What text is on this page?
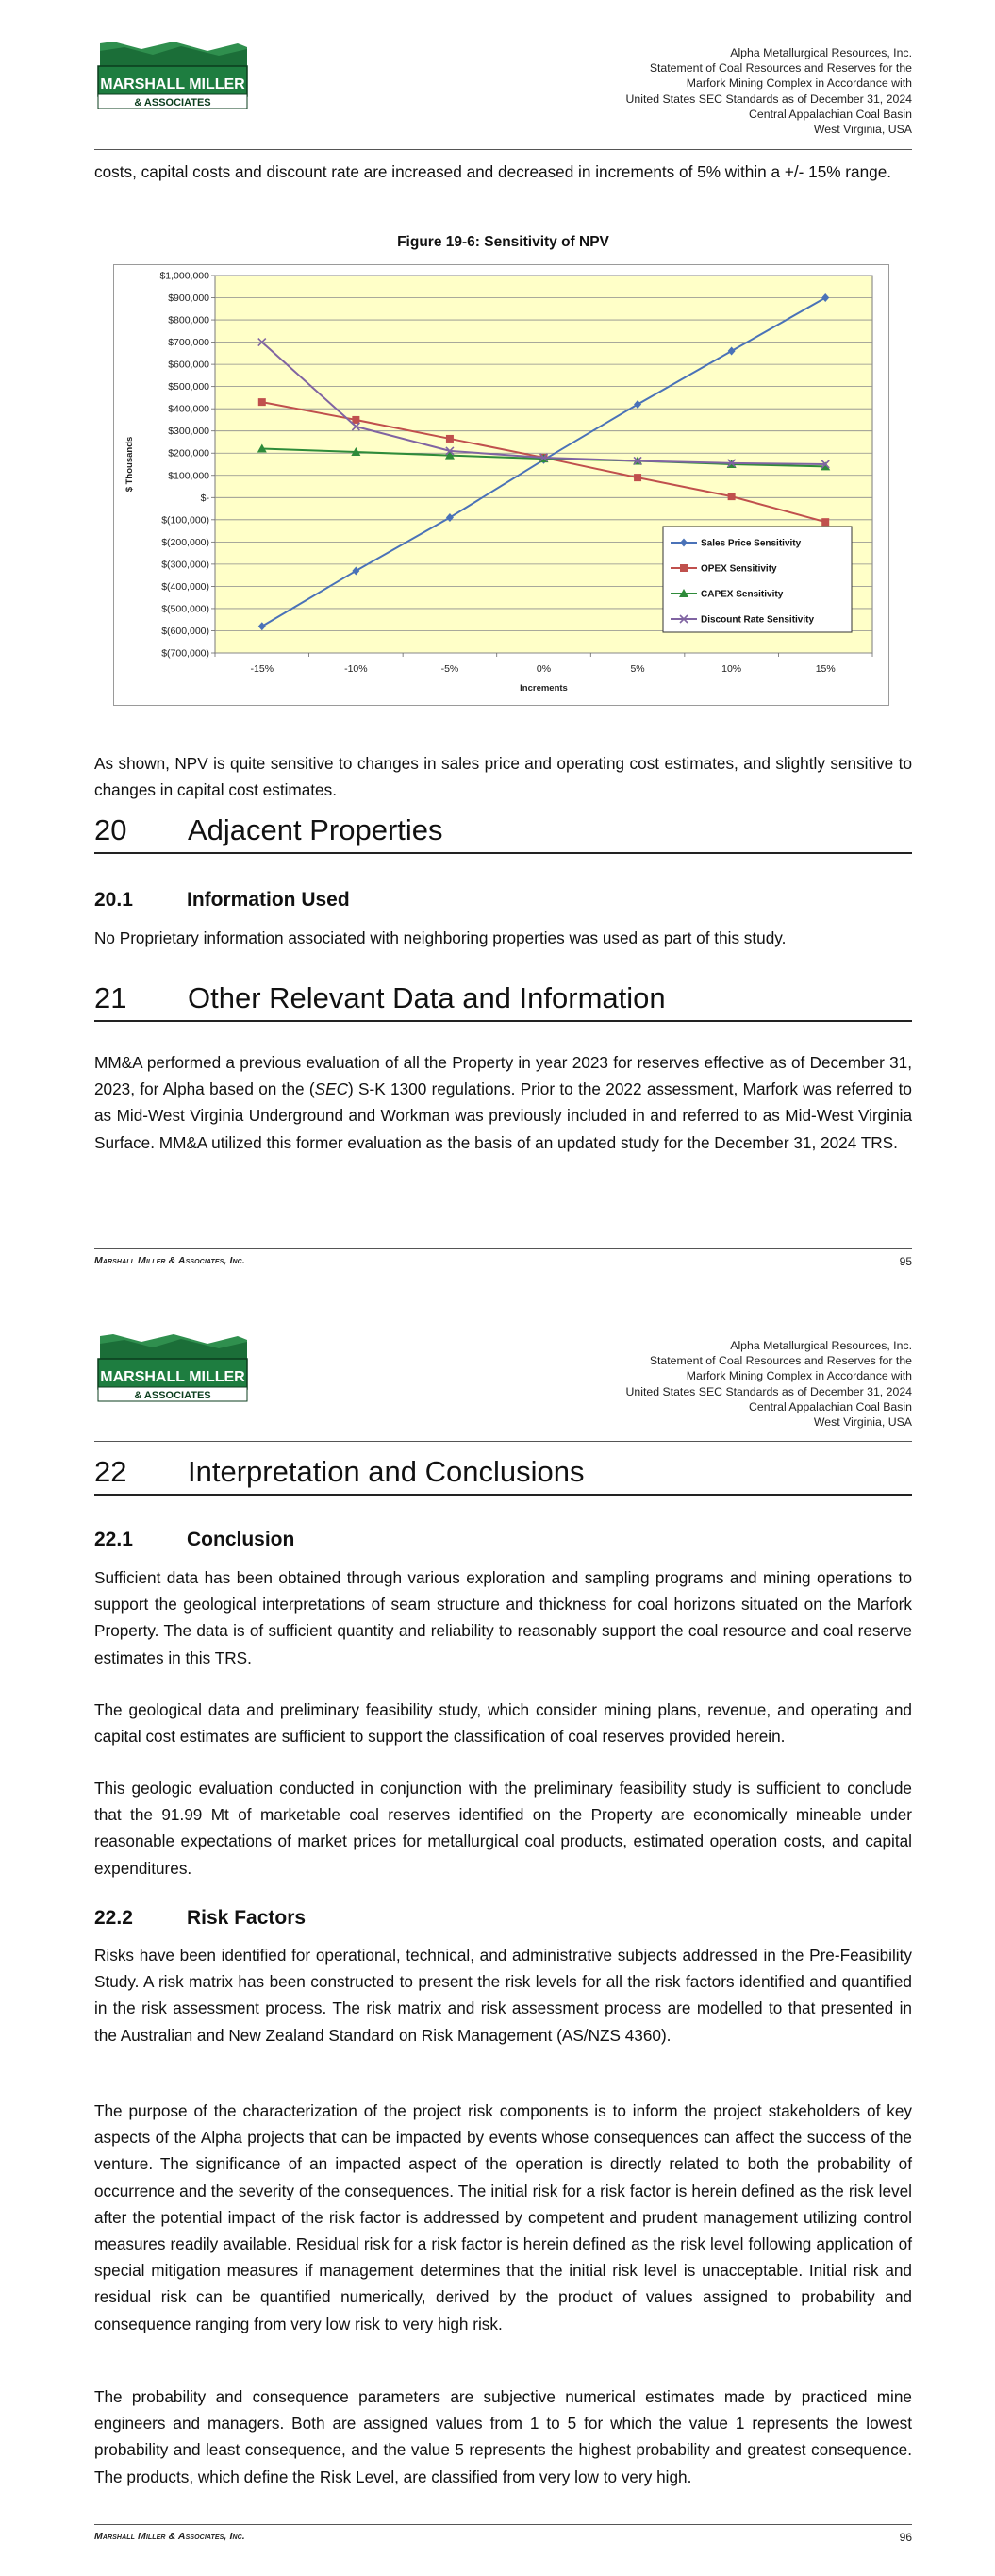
MARSHALL MILLER
& ASSOCIATES
Alpha Metallurgical Resources, Inc.
Statement of Coal Resources and Reserves for the
Marfork Mining Complex in Accordance with
United States SEC Standards as of December 31, 2024
Central Appalachian Coal Basin
West Virginia, USA

costs, capital costs and discount rate are increased and decreased in increments of 5% within a +/- 15% range.

Figure 19-6: Sensitivity of NPV
$1,000,000
$900,000
$800,000
$700,000
$600,000
$500,000
$400,000
$300,000
$200,000
$100,000
$-
$(100,000)
$(200,000)
$(300,000)
$(400,000)
$(500,000)
$(600,000)
$(700,000)
-15%	-10%	-5%	0%	5%	10%	15%
$ Thousands
Increments
Sales Price Sensitivity
OPEX Sensitivity
CAPEX Sensitivity
Discount Rate Sensitivity

As shown, NPV is quite sensitive to changes in sales price and operating cost estimates, and slightly sensitive to changes in capital cost estimates.

20 Adjacent Properties
20.1	Information Used

No Proprietary information associated with neighboring properties was used as part of this study.

21 Other Relevant Data and Information

MM&A performed a previous evaluation of all the Property in year 2023 for reserves effective as of December 31, 2023, for Alpha based on the (SEC) S-K 1300 regulations. Prior to the 2022 assessment, Marfork was referred to as Mid-West Virginia Underground and Workman was previously included in and referred to as Mid-West Virginia Surface. MM&A utilized this former evaluation as the basis of an updated study for the December 31, 2024 TRS.

Marshall Miller & Associates, Inc.	95
MARSHALL MILLER
& ASSOCIATES
Alpha Metallurgical Resources, Inc.
Statement of Coal Resources and Reserves for the
Marfork Mining Complex in Accordance with
United States SEC Standards as of December 31, 2024
Central Appalachian Coal Basin
West Virginia, USA
22 Interpretation and Conclusions
22.1	Conclusion

Sufficient data has been obtained through various exploration and sampling programs and mining operations to support the geological interpretations of seam structure and thickness for coal horizons situated on the Marfork Property. The data is of sufficient quantity and reliability to reasonably support the coal resource and coal reserve estimates in this TRS.

The geological data and preliminary feasibility study, which consider mining plans, revenue, and operating and capital cost estimates are sufficient to support the classification of coal reserves provided herein.

This geologic evaluation conducted in conjunction with the preliminary feasibility study is sufficient to conclude that the 91.99 Mt of marketable coal reserves identified on the Property are economically mineable under reasonable expectations of market prices for metallurgical coal products, estimated operation costs, and capital expenditures.

22.2	Risk Factors

Risks have been identified for operational, technical, and administrative subjects addressed in the Pre-Feasibility Study. A risk matrix has been constructed to present the risk levels for all the risk factors identified and quantified in the risk assessment process. The risk matrix and risk assessment process are modelled to that presented in the Australian and New Zealand Standard on Risk Management (AS/NZS 4360).

The purpose of the characterization of the project risk components is to inform the project stakeholders of key aspects of the Alpha projects that can be impacted by events whose consequences can affect the success of the venture. The significance of an impacted aspect of the operation is directly related to both the probability of occurrence and the severity of the consequences. The initial risk for a risk factor is herein defined as the risk level after the potential impact of the risk factor is addressed by competent and prudent management utilizing control measures readily available. Residual risk for a risk factor is herein defined as the risk level following application of special mitigation measures if management determines that the initial risk level is unacceptable. Initial risk and residual risk can be quantified numerically, derived by the product of values assigned to probability and consequence ranging from very low risk to very high risk.

The probability and consequence parameters are subjective numerical estimates made by practiced mine engineers and managers. Both are assigned values from 1 to 5 for which the value 1 represents the lowest probability and least consequence, and the value 5 represents the highest probability and greatest consequence. The products, which define the Risk Level, are classified from very low to very high.

Marshall Miller & Associates, Inc.	96
